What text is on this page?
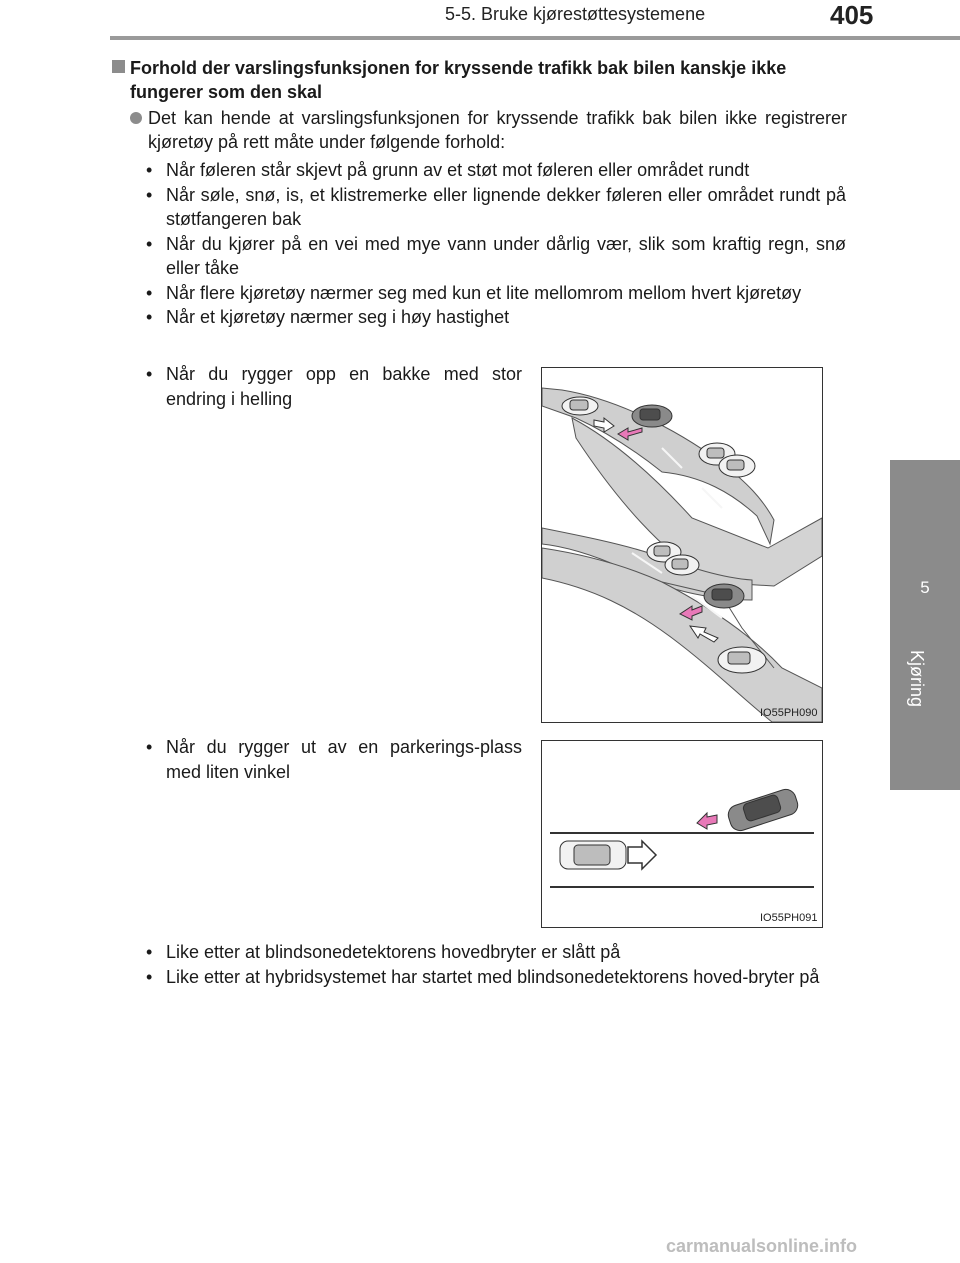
5-5. Bruke kjørestøttesystemene	405
5
Kjøring
Forhold der varslingsfunksjonen for kryssende trafikk bak bilen kanskje ikke fungerer som den skal
Det kan hende at varslingsfunksjonen for kryssende trafikk bak bilen ikke registrerer kjøretøy på rett måte under følgende forhold:
• Når føleren står skjevt på grunn av et støt mot føleren eller området rundt
• Når søle, snø, is, et klistremerke eller lignende dekker føleren eller området rundt på støtfangeren bak
• Når du kjører på en vei med mye vann under dårlig vær, slik som kraftig regn, snø eller tåke
• Når flere kjøretøy nærmer seg med kun et lite mellomrom mellom hvert kjøretøy
• Når et kjøretøy nærmer seg i høy hastighet
• Når du rygger opp en bakke med stor endring i helling
IO55PH090
• Når du rygger ut av en parkerings-plass med liten vinkel
IO55PH091
• Like etter at blindsonedetektorens hovedbryter er slått på
• Like etter at hybridsystemet har startet med blindsonedetektorens hoved-bryter på
carmanualsonline.info
